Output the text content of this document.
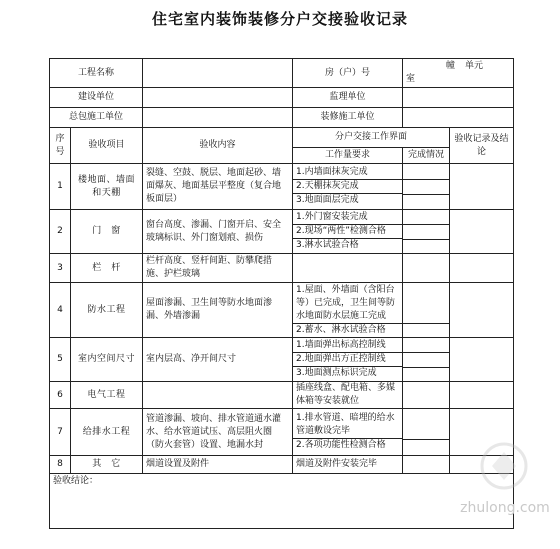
住宅室内装饰装修分户交接验收记录
工程名称			房（户）号	幢 单元室	
建设单位			监理单位		
总包施工单位			装修施工单位		
序号	验收项目	验收内容	分户交接工作界面		验收记录及结论
			工作量要求	完成情况	
1	楼地面、墙面和天棚	裂缝、空鼓、脱层、地面起砂、墙面爆灰、地面基层平整度（复合地板面层）	1.内墙面抹灰完成
2.天棚抹灰完成
3.地面面层完成		

2	门　窗	窗台高度、渗漏、门窗开启、安全玻璃标识、外门窗划痕、损伤	1.外门窗安装完成
2.现场“两性”检测合格
3.淋水试验合格		

3	栏　杆	栏杆高度、竖杆间距、防攀爬措施、护栏玻璃	

4	防水工程	屋面渗漏、卫生间等防水地面渗漏、外墙渗漏	1.屋面、外墙面（含阳台等）已完成，卫生间等防水地面防水层施工完成
2.蓄水、淋水试验合格		

5	室内空间尺寸	室内层高、净开间尺寸	1.墙面弹出标高控制线
2.地面弹出方正控制线
3.地面测点标识完成		

6	电气工程		插座线盒、配电箱、多媒体箱等安装就位		

7	给排水工程	管道渗漏、坡向、排水管道通水灌水、给水管道试压、高层阻火圈（防火套管）设置、地漏水封	1.排水管道、暗埋的给水管道敷设完毕
2.各项功能性检测合格		

8	其　它	烟道设置及附件	烟道及附件安装完毕		

验收结论：					
zhulong.com
